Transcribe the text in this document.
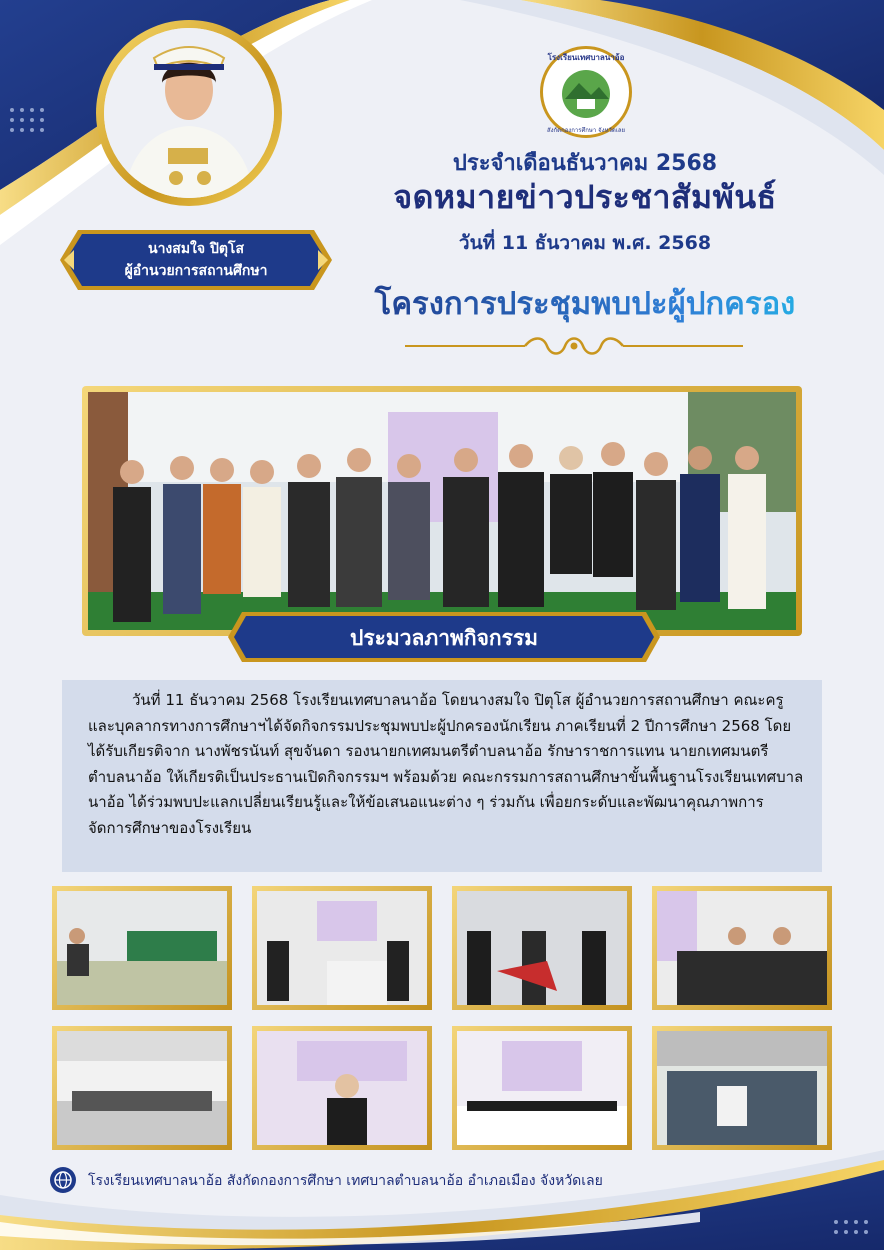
นางสมใจ ปิตุโส
ผู้อำนวยการสถานศึกษา
โรงเรียนเทศบาลนาอ้อ
สังกัดกองการศึกษา จังหวัดเลย
ประจำเดือนธันวาคม 2568
จดหมายข่าวประชาสัมพันธ์
วันที่ 11 ธันวาคม พ.ศ. 2568
โครงการประชุมพบปะผู้ปกครอง
ประมวลภาพกิจกรรม

วันที่ 11 ธันวาคม 2568 โรงเรียนเทศบาลนาอ้อ โดยนางสมใจ ปิตุโส ผู้อำนวยการสถานศึกษา คณะครู และบุคลากรทางการศึกษาฯได้จัดกิจกรรมประชุมพบปะผู้ปกครองนักเรียน ภาคเรียนที่ 2 ปีการศึกษา 2568 โดยได้รับเกียรติจาก นางพัชรนันท์ สุขจันดา รองนายกเทศมนตรีตำบลนาอ้อ รักษาราชการแทน นายกเทศมนตรีตำบลนาอ้อ ให้เกียรติเป็นประธานเปิดกิจกรรมฯ พร้อมด้วย คณะกรรมการสถานศึกษาขั้นพื้นฐานโรงเรียนเทศบาลนาอ้อ ได้ร่วมพบปะแลกเปลี่ยนเรียนรู้และให้ข้อเสนอแนะต่าง ๆ ร่วมกัน เพื่อยกระดับและพัฒนาคุณภาพการจัดการศึกษาของโรงเรียน

โรงเรียนเทศบาลนาอ้อ สังกัดกองการศึกษา เทศบาลตำบลนาอ้อ อำเภอเมือง จังหวัดเลย
